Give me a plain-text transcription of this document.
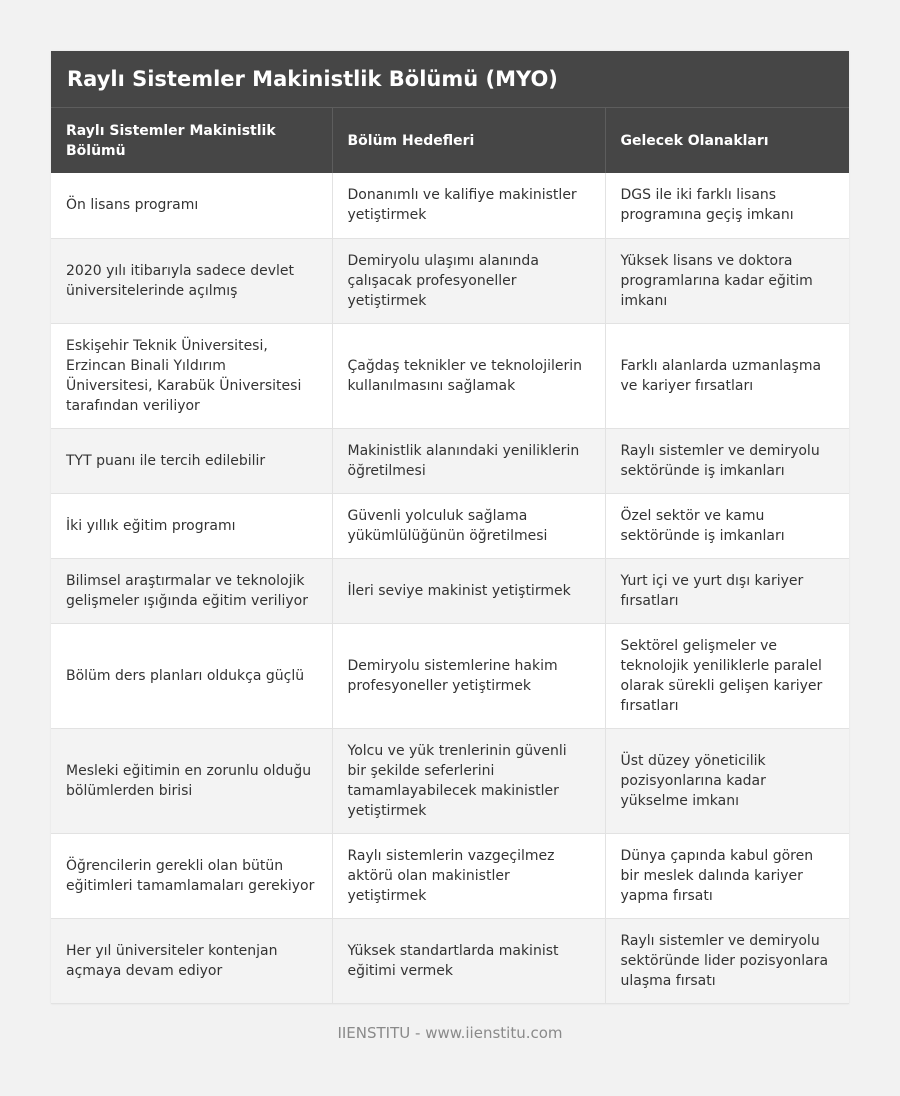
Raylı Sistemler Makinistlik Bölümü (MYO)
Raylı Sistemler Makinistlik Bölümü	Bölüm Hedefleri	Gelecek Olanakları
Ön lisans programı	Donanımlı ve kalifiye makinistler yetiştirmek	DGS ile iki farklı lisans programına geçiş imkanı
2020 yılı itibarıyla sadece devlet üniversitelerinde açılmış	Demiryolu ulaşımı alanında çalışacak profesyoneller yetiştirmek	Yüksek lisans ve doktora programlarına kadar eğitim imkanı
Eskişehir Teknik Üniversitesi, Erzincan Binali Yıldırım Üniversitesi, Karabük Üniversitesi tarafından veriliyor	Çağdaş teknikler ve teknolojilerin kullanılmasını sağlamak	Farklı alanlarda uzmanlaşma ve kariyer fırsatları
TYT puanı ile tercih edilebilir	Makinistlik alanındaki yeniliklerin öğretilmesi	Raylı sistemler ve demiryolu sektöründe iş imkanları
İki yıllık eğitim programı	Güvenli yolculuk sağlama yükümlülüğünün öğretilmesi	Özel sektör ve kamu sektöründe iş imkanları
Bilimsel araştırmalar ve teknolojik gelişmeler ışığında eğitim veriliyor	İleri seviye makinist yetiştirmek	Yurt içi ve yurt dışı kariyer fırsatları
Bölüm ders planları oldukça güçlü	Demiryolu sistemlerine hakim profesyoneller yetiştirmek	Sektörel gelişmeler ve teknolojik yeniliklerle paralel olarak sürekli gelişen kariyer fırsatları
Mesleki eğitimin en zorunlu olduğu bölümlerden birisi	Yolcu ve yük trenlerinin güvenli bir şekilde seferlerini tamamlayabilecek makinistler yetiştirmek	Üst düzey yöneticilik pozisyonlarına kadar yükselme imkanı
Öğrencilerin gerekli olan bütün eğitimleri tamamlamaları gerekiyor	Raylı sistemlerin vazgeçilmez aktörü olan makinistler yetiştirmek	Dünya çapında kabul gören bir meslek dalında kariyer yapma fırsatı
Her yıl üniversiteler kontenjan açmaya devam ediyor	Yüksek standartlarda makinist eğitimi vermek	Raylı sistemler ve demiryolu sektöründe lider pozisyonlara ulaşma fırsatı
IIENSTITU - www.iienstitu.com
